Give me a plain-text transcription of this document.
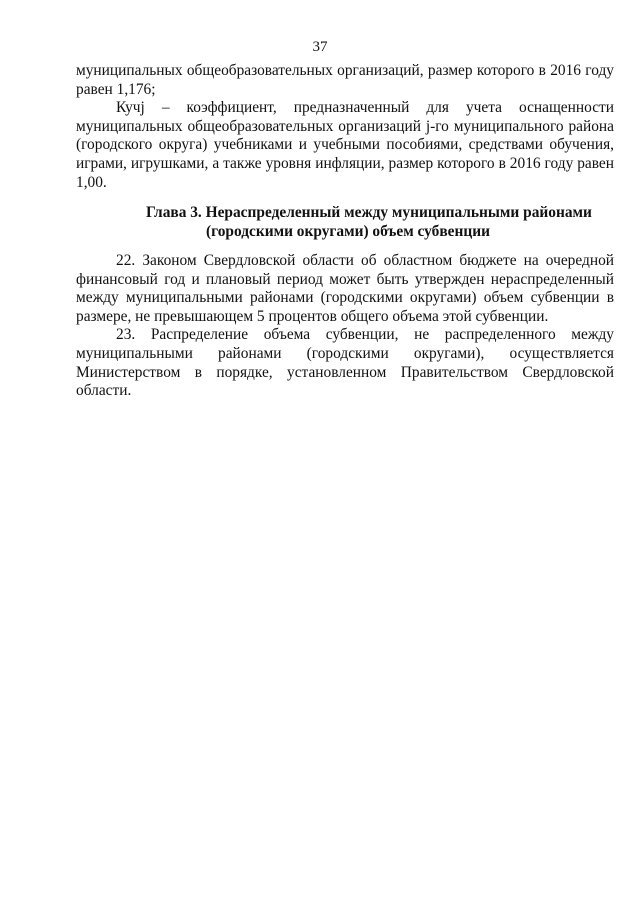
37

муниципальных общеобразовательных организаций, размер которого в 2016 году равен 1,176;

Кучj – коэффициент, предназначенный для учета оснащенности муниципальных общеобразовательных организаций j-го муниципального района (городского округа) учебниками и учебными пособиями, средствами обучения, играми, игрушками, а также уровня инфляции, размер которого в 2016 году равен 1,00.

Глава 3. Нераспределенный между муниципальными районами
(городскими округами) объем субвенции

22. Законом Свердловской области об областном бюджете на очередной финансовый год и плановый период может быть утвержден нераспределенный между муниципальными районами (городскими округами) объем субвенции в размере, не превышающем 5 процентов общего объема этой субвенции.

23. Распределение объема субвенции, не распределенного между муниципальными районами (городскими округами), осуществляется Министерством в порядке, установленном Правительством Свердловской области.
